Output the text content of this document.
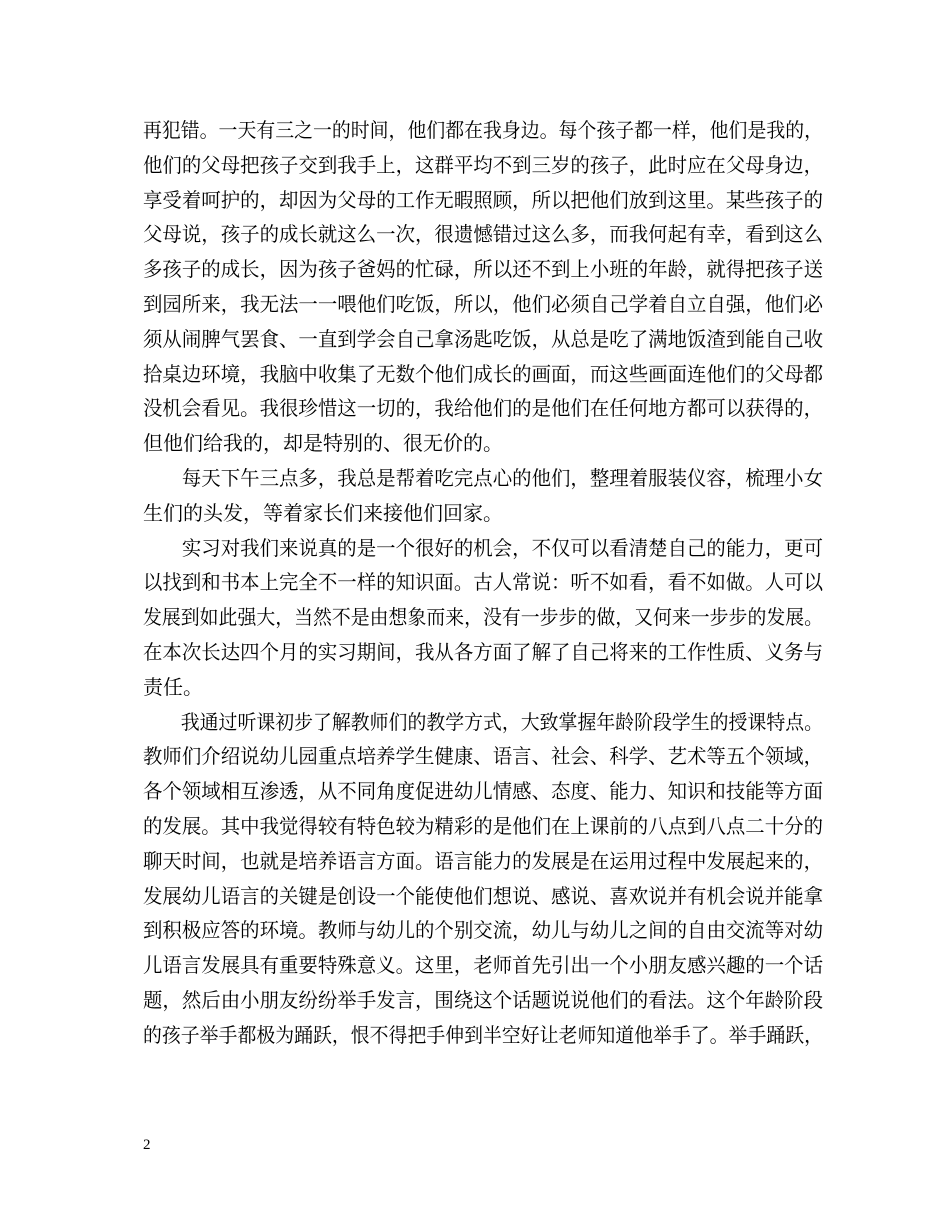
再犯错。一天有三之一的时间，他们都在我身边。每个孩子都一样，他们是我的，
他们的父母把孩子交到我手上，这群平均不到三岁的孩子，此时应在父母身边，
享受着呵护的，却因为父母的工作无暇照顾，所以把他们放到这里。某些孩子的
父母说，孩子的成长就这么一次，很遗憾错过这么多，而我何起有幸，看到这么
多孩子的成长，因为孩子爸妈的忙碌，所以还不到上小班的年龄，就得把孩子送
到园所来，我无法一一喂他们吃饭，所以，他们必须自己学着自立自强，他们必
须从闹脾气罢食、一直到学会自己拿汤匙吃饭，从总是吃了满地饭渣到能自己收
拾桌边环境，我脑中收集了无数个他们成长的画面，而这些画面连他们的父母都
没机会看见。我很珍惜这一切的，我给他们的是他们在任何地方都可以获得的，
但他们给我的，却是特别的、很无价的。
　　每天下午三点多，我总是帮着吃完点心的他们，整理着服装仪容，梳理小女
生们的头发，等着家长们来接他们回家。
　　实习对我们来说真的是一个很好的机会，不仅可以看清楚自己的能力，更可
以找到和书本上完全不一样的知识面。古人常说：听不如看，看不如做。人可以
发展到如此强大，当然不是由想象而来，没有一步步的做，又何来一步步的发展。
在本次长达四个月的实习期间，我从各方面了解了自己将来的工作性质、义务与
责任。
　　我通过听课初步了解教师们的教学方式，大致掌握年龄阶段学生的授课特点。
教师们介绍说幼儿园重点培养学生健康、语言、社会、科学、艺术等五个领域，
各个领域相互渗透，从不同角度促进幼儿情感、态度、能力、知识和技能等方面
的发展。其中我觉得较有特色较为精彩的是他们在上课前的八点到八点二十分的
聊天时间，也就是培养语言方面。语言能力的发展是在运用过程中发展起来的，
发展幼儿语言的关键是创设一个能使他们想说、感说、喜欢说并有机会说并能拿
到积极应答的环境。教师与幼儿的个别交流，幼儿与幼儿之间的自由交流等对幼
儿语言发展具有重要特殊意义。这里，老师首先引出一个小朋友感兴趣的一个话
题，然后由小朋友纷纷举手发言，围绕这个话题说说他们的看法。这个年龄阶段
的孩子举手都极为踊跃，恨不得把手伸到半空好让老师知道他举手了。举手踊跃，
2
